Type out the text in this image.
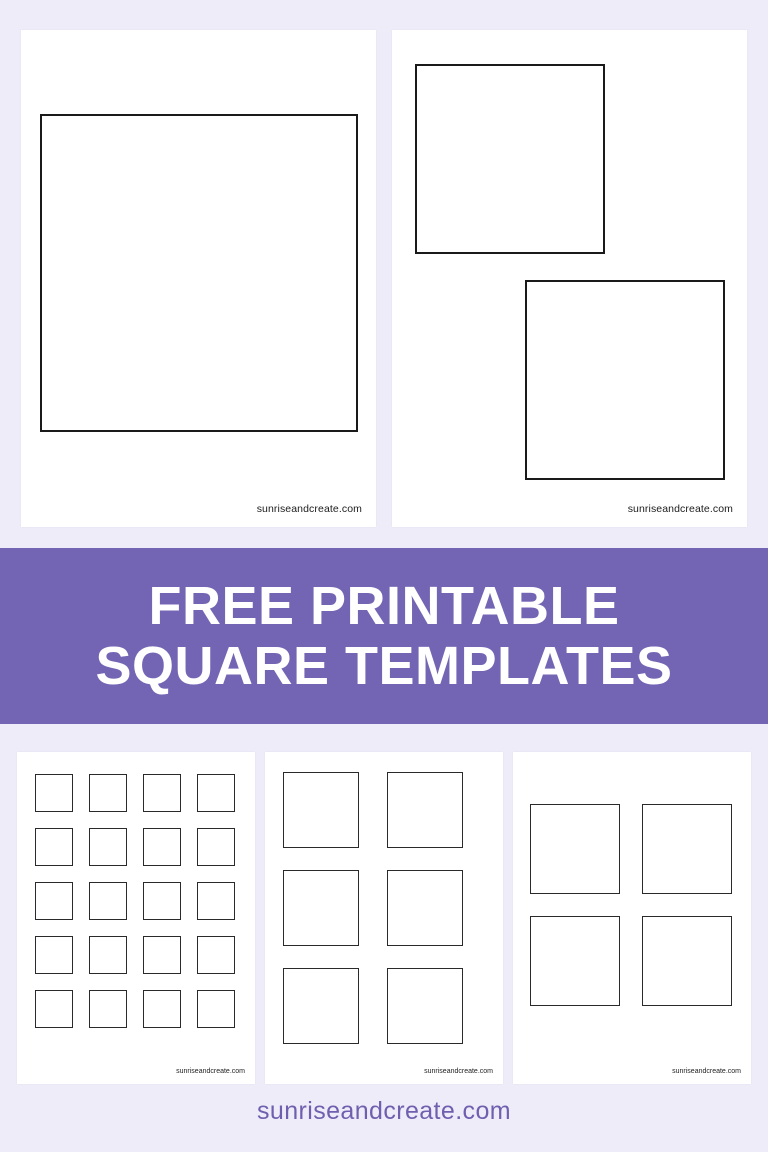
sunriseandcreate.com	sunriseandcreate.com
FREE PRINTABLE
SQUARE TEMPLATES
sunriseandcreate.com	sunriseandcreate.com	sunriseandcreate.com
sunriseandcreate.com
